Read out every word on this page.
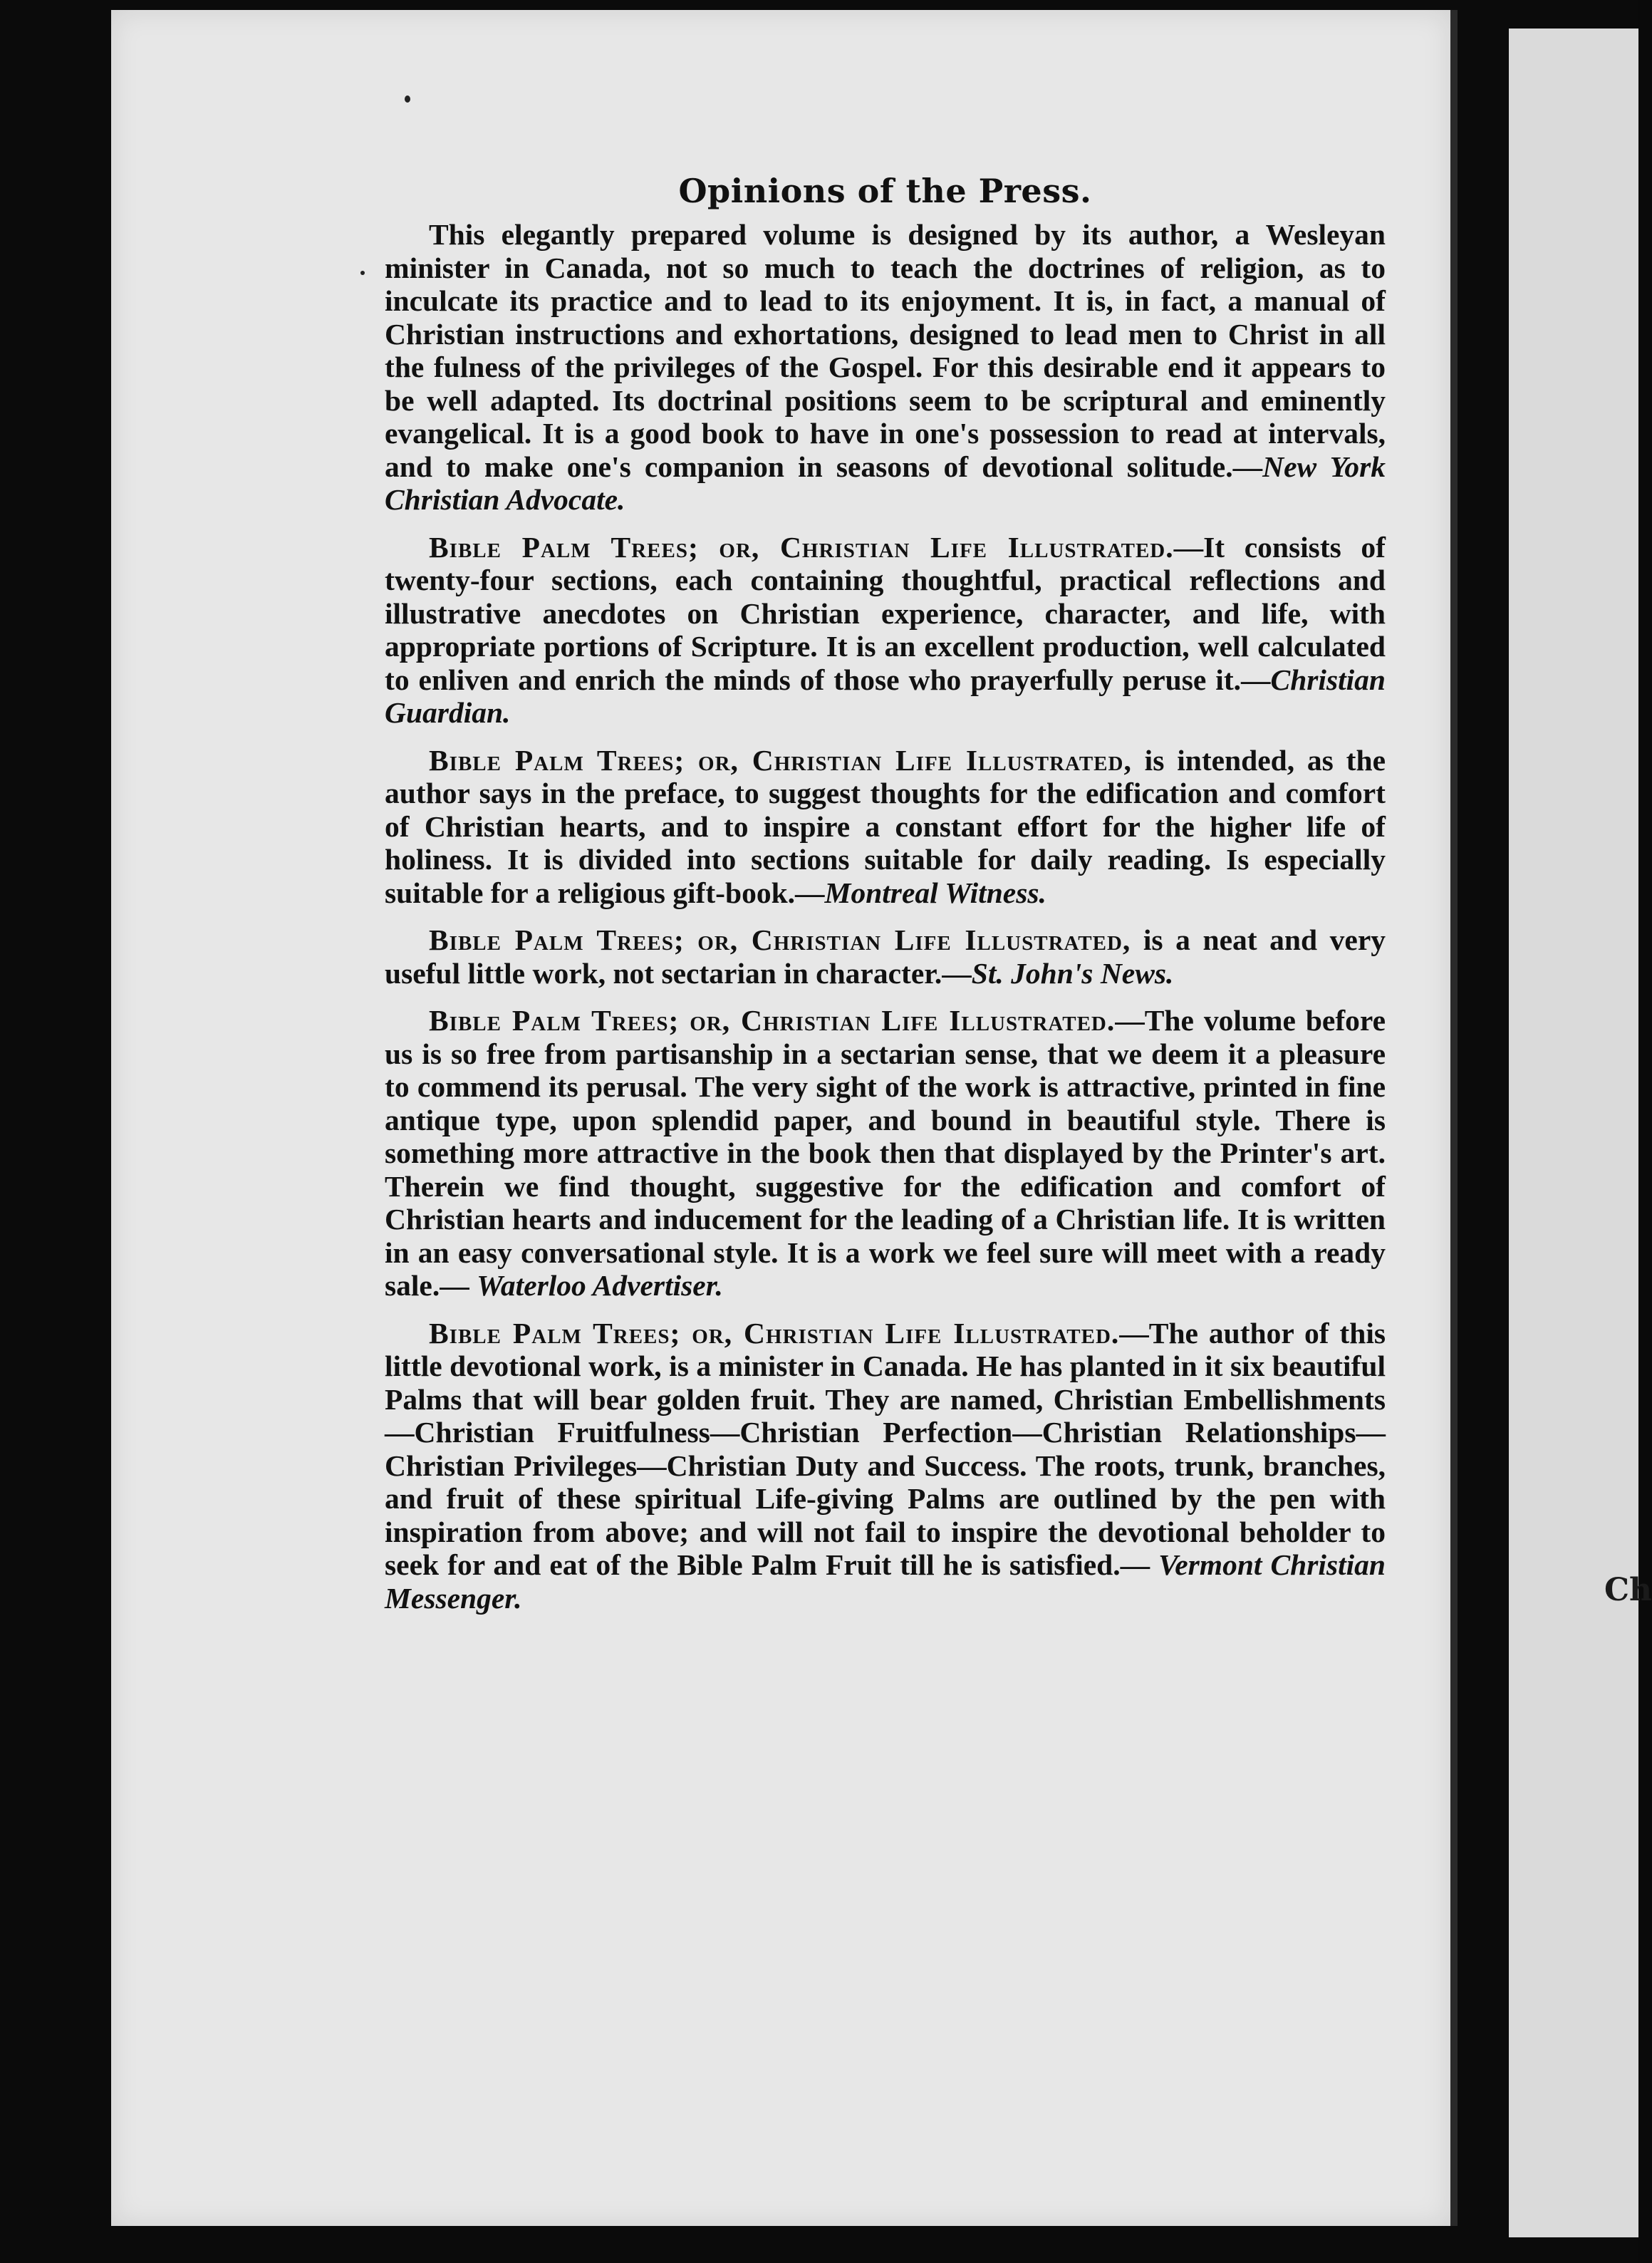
Ch
Opinions of the Press.

This elegantly prepared volume is designed by its author, a Wesleyan minister in Canada, not so much to teach the doctrines of religion, as to inculcate its practice and to lead to its enjoyment. It is, in fact, a manual of Christian instructions and exhortations, designed to lead men to Christ in all the fulness of the privileges of the Gospel. For this desirable end it appears to be well adapted. Its doctrinal positions seem to be scriptural and eminently evangelical. It is a good book to have in one's possession to read at intervals, and to make one's companion in seasons of devotional solitude.—New York Christian Advocate.

Bible Palm Trees; or, Christian Life Illustrated.—It consists of twenty-four sections, each containing thoughtful, practical reflections and illustrative anecdotes on Christian experience, character, and life, with appropriate portions of Scripture. It is an excellent production, well calculated to enliven and enrich the minds of those who prayerfully peruse it.—Christian Guardian.

Bible Palm Trees; or, Christian Life Illustrated, is intended, as the author says in the preface, to suggest thoughts for the edification and comfort of Christian hearts, and to inspire a constant effort for the higher life of holiness. It is divided into sections suitable for daily reading. Is especially suitable for a religious gift-book.—Montreal Witness.

Bible Palm Trees; or, Christian Life Illustrated, is a neat and very useful little work, not sectarian in character.—St. John's News.

Bible Palm Trees; or, Christian Life Illustrated.—The volume before us is so free from partisanship in a sectarian sense, that we deem it a pleasure to commend its perusal. The very sight of the work is attractive, printed in fine antique type, upon splendid paper, and bound in beautiful style. There is something more attractive in the book then that displayed by the Printer's art. Therein we find thought, suggestive for the edification and comfort of Christian hearts and inducement for the leading of a Christian life. It is written in an easy conversational style. It is a work we feel sure will meet with a ready sale.— Waterloo Advertiser.

Bible Palm Trees; or, Christian Life Illustrated.—The author of this little devotional work, is a minister in Canada. He has planted in it six beautiful Palms that will bear golden fruit. They are named, Christian Embellishments—Christian Fruitfulness—Christian Perfection—Christian Relationships—Christian Privileges—Christian Duty and Success. The roots, trunk, branches, and fruit of these spiritual Life-giving Palms are outlined by the pen with inspiration from above; and will not fail to inspire the devotional beholder to seek for and eat of the Bible Palm Fruit till he is satisfied.— Vermont Christian Messenger.
